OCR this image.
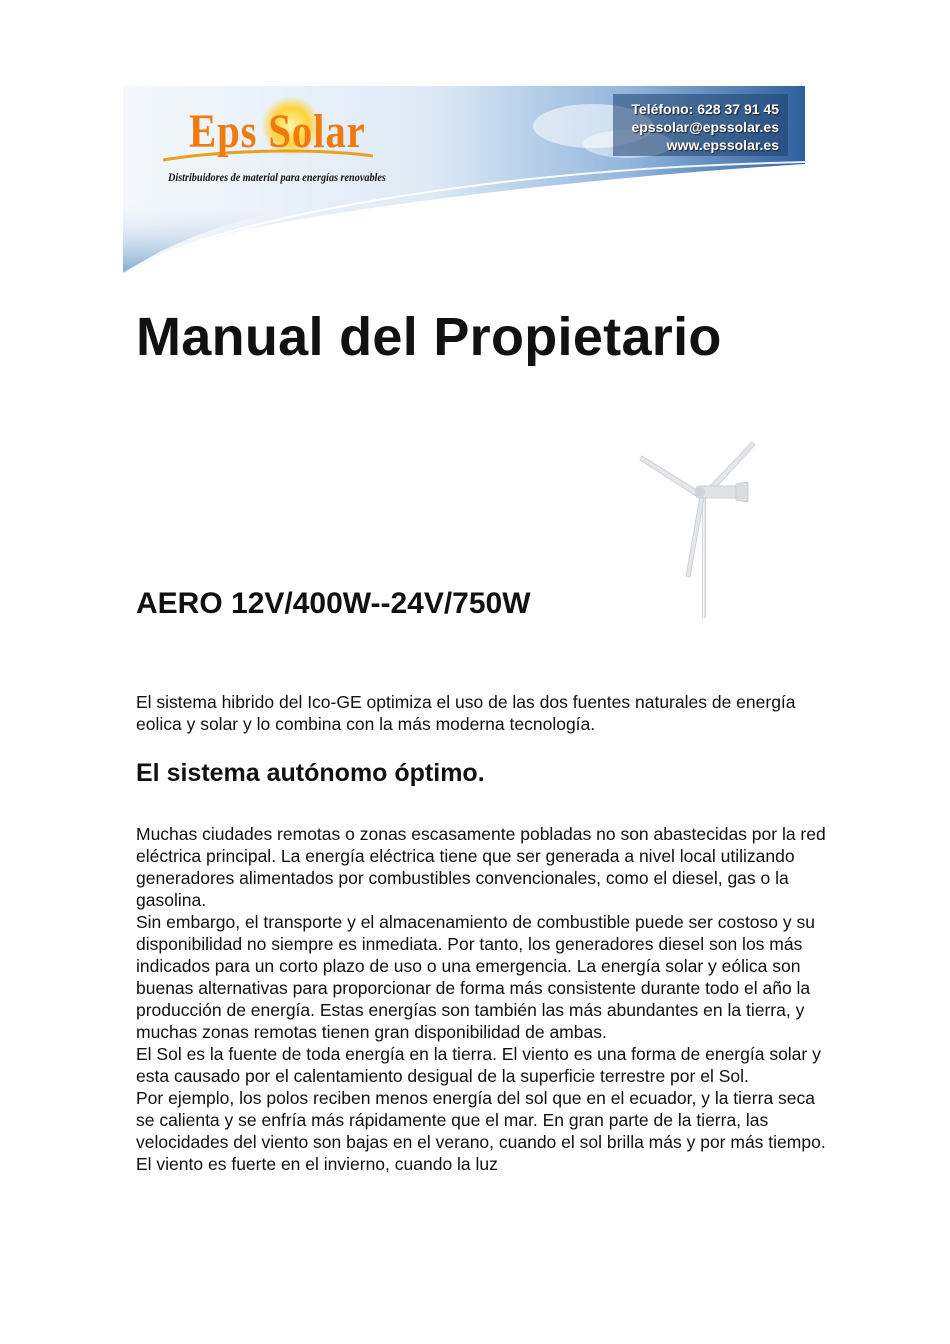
Eps Solar
Distribuidores de material para energías renovables
Teléfono: 628 37 91 45
epssolar@epssolar.es
www.epssolar.es
Manual del Propietario
AERO 12V/400W--24V/750W

El sistema hibrido del Ico-GE optimiza el uso de las dos fuentes naturales de energía eolica y solar y lo combina con la más moderna tecnología.

El sistema autónomo óptimo.

Muchas ciudades remotas o zonas escasamente pobladas no son abastecidas por la red eléctrica principal. La energía eléctrica tiene que ser generada a nivel local utilizando generadores alimentados por combustibles convencionales, como el diesel, gas o la gasolina.

Sin embargo, el transporte y el almacenamiento de combustible puede ser costoso y su disponibilidad no siempre es inmediata. Por tanto, los generadores diesel son los más indicados para un corto plazo de uso o una emergencia. La energía solar y eólica son buenas alternativas para proporcionar de forma más consistente durante todo el año la producción de energía. Estas energías son también las más abundantes en la tierra, y muchas zonas remotas tienen gran disponibilidad de ambas.

El Sol es la fuente de toda energía en la tierra. El viento es una forma de energía solar y esta causado por el calentamiento desigual de la superficie terrestre por el Sol.

Por ejemplo, los polos reciben menos energía del sol que en el ecuador, y la tierra seca se calienta y se enfría más rápidamente que el mar. En gran parte de la tierra, las velocidades del viento son bajas en el verano, cuando el sol brilla más y por más tiempo. El viento es fuerte en el invierno, cuando la luz
